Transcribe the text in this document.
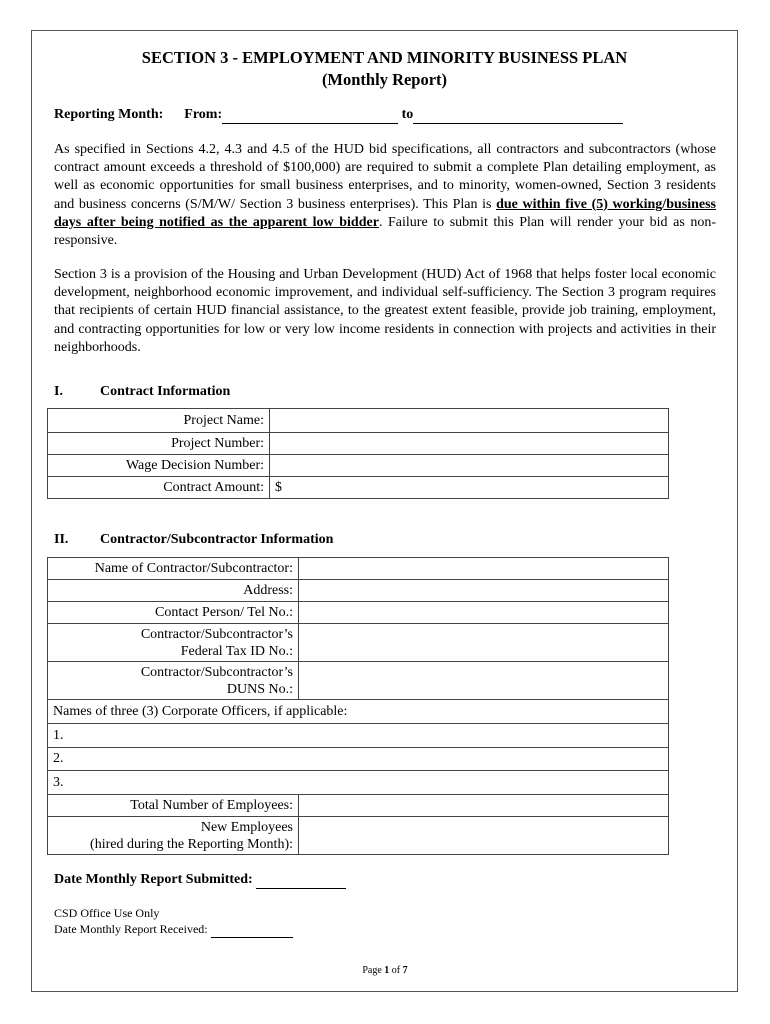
SECTION 3 - EMPLOYMENT AND MINORITY BUSINESS PLAN
(Monthly Report)
Reporting Month: From:	to

As specified in Sections 4.2, 4.3 and 4.5 of the HUD bid specifications, all contractors and subcontractors (whose contract amount exceeds a threshold of $100,000) are required to submit a complete Plan detailing employment, as well as economic opportunities for small business enterprises, and to minority, women-owned, Section 3 residents and business concerns (S/M/W/ Section 3 business enterprises). This Plan is due within five (5) working/business days after being notified as the apparent low bidder. Failure to submit this Plan will render your bid as non-responsive.

Section 3 is a provision of the Housing and Urban Development (HUD) Act of 1968 that helps foster local economic development, neighborhood economic improvement, and individual self-sufficiency. The Section 3 program requires that recipients of certain HUD financial assistance, to the greatest extent feasible, provide job training, employment, and contracting opportunities for low or very low income residents in connection with projects and activities in their neighborhoods.

I.	Contract Information
Project Name:	
Project Number:	
Wage Decision Number:	
Contract Amount:	$
II. Contractor/Subcontractor Information
Name of Contractor/Subcontractor:	
Address:	
Contact Person/ Tel No.:	

Contractor/Subcontractor’s
Federal Tax ID No.:	

Contractor/Subcontractor’s
DUNS No.:	

Names of three (3) Corporate Officers, if applicable:	
1.	
2.	
3.	
Total Number of Employees:	

New Employees
(hired during the Reporting Month):	

Date Monthly Report Submitted:
CSD Office Use Only
Date Monthly Report Received:
Page 1 of 7
